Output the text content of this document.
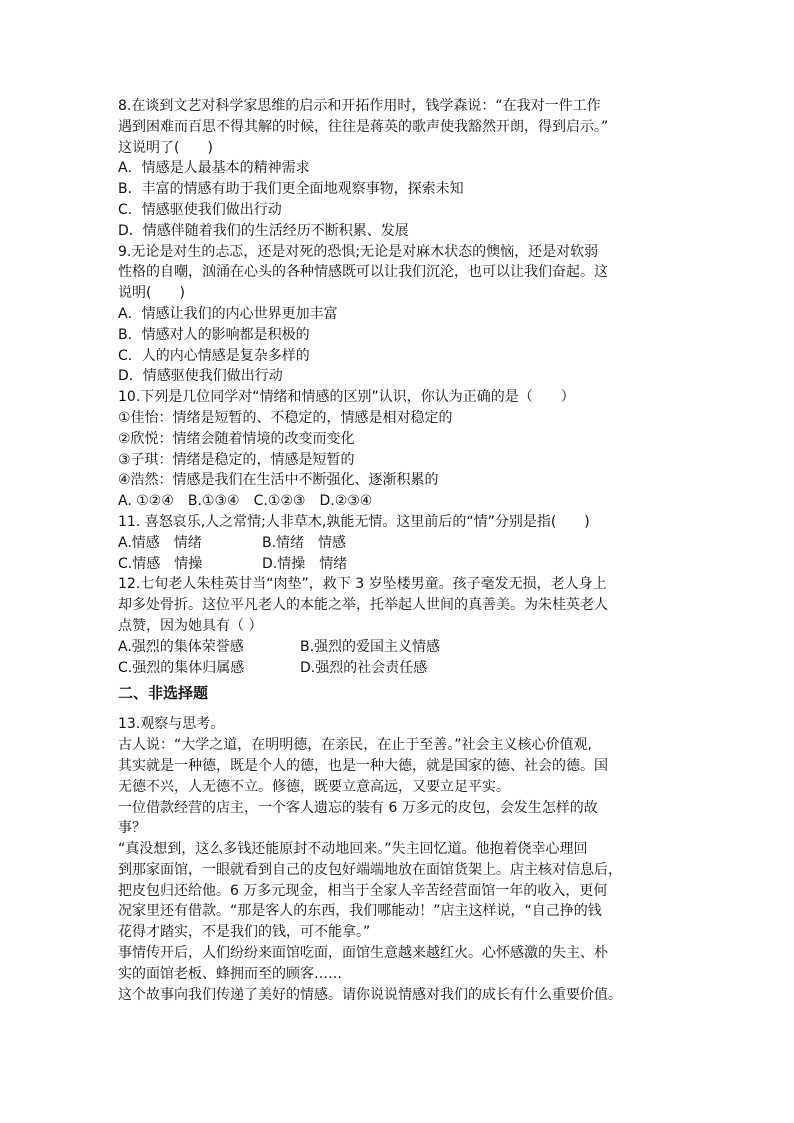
8.在谈到文艺对科学家思维的启示和开拓作用时，钱学森说：“在我对一件工作

遇到困难而百思不得其解的时候，往往是蒋英的歌声使我豁然开朗，得到启示。”

这说明了(　　)

A．情感是人最基本的精神需求

B．丰富的情感有助于我们更全面地观察事物，探索未知

C．情感驱使我们做出行动

D．情感伴随着我们的生活经历不断积累、发展

9.无论是对生的忐忑，还是对死的恐惧;无论是对麻木状态的懊恼，还是对软弱

性格的自嘲，汹涌在心头的各种情感既可以让我们沉沦，也可以让我们奋起。这

说明(　　)

A．情感让我们的内心世界更加丰富

B．情感对人的影响都是积极的

C．人的内心情感是复杂多样的

D．情感驱使我们做出行动

10.下列是几位同学对“情绪和情感的区别”认识，你认为正确的是（　　）

①佳怡：情绪是短暂的、不稳定的，情感是相对稳定的

②欣悦：情绪会随着情境的改变而变化

③子琪：情绪是稳定的，情感是短暂的

④浩然：情感是我们在生活中不断强化、逐渐积累的

A. ①②④　B.①③④　C.①②③　D.②③④

11. 喜怒哀乐,人之常情;人非草木,孰能无情。这里前后的“情”分别是指(　　)

A.情感　情绪	B.情绪　情感
C.情感　情操	D.情操　情绪

12.七旬老人朱桂英甘当“肉垫”，救下 3 岁坠楼男童。孩子毫发无损，老人身上

却多处骨折。这位平凡老人的本能之举，托举起人世间的真善美。为朱桂英老人

点赞，因为她具有（ ）

A.强烈的集体荣誉感	B.强烈的爱国主义情感
C.强烈的集体归属感	D.强烈的社会责任感

二、非选择题

13.观察与思考。

古人说：“大学之道，在明明德，在亲民，在止于至善。”社会主义核心价值观,

其实就是一种德，既是个人的德，也是一种大德，就是国家的德、社会的德。国

无德不兴，人无德不立。修德，既要立意高远，又要立足平实。

一位借款经营的店主，一个客人遗忘的装有 6 万多元的皮包，会发生怎样的故

事？

“真没想到，这么多钱还能原封不动地回来。”失主回忆道。他抱着侥幸心理回

到那家面馆，一眼就看到自己的皮包好端端地放在面馆货架上。店主核对信息后，

把皮包归还给他。6 万多元现金，相当于全家人辛苦经营面馆一年的收入，更何

况家里还有借款。“那是客人的东西，我们哪能动！”店主这样说，“自己挣的钱

花得才踏实，不是我们的钱，可不能拿。”

事情传开后，人们纷纷来面馆吃面，面馆生意越来越红火。心怀感激的失主、朴

实的面馆老板、蜂拥而至的顾客……

这个故事向我们传递了美好的情感。请你说说情感对我们的成长有什么重要价值。
